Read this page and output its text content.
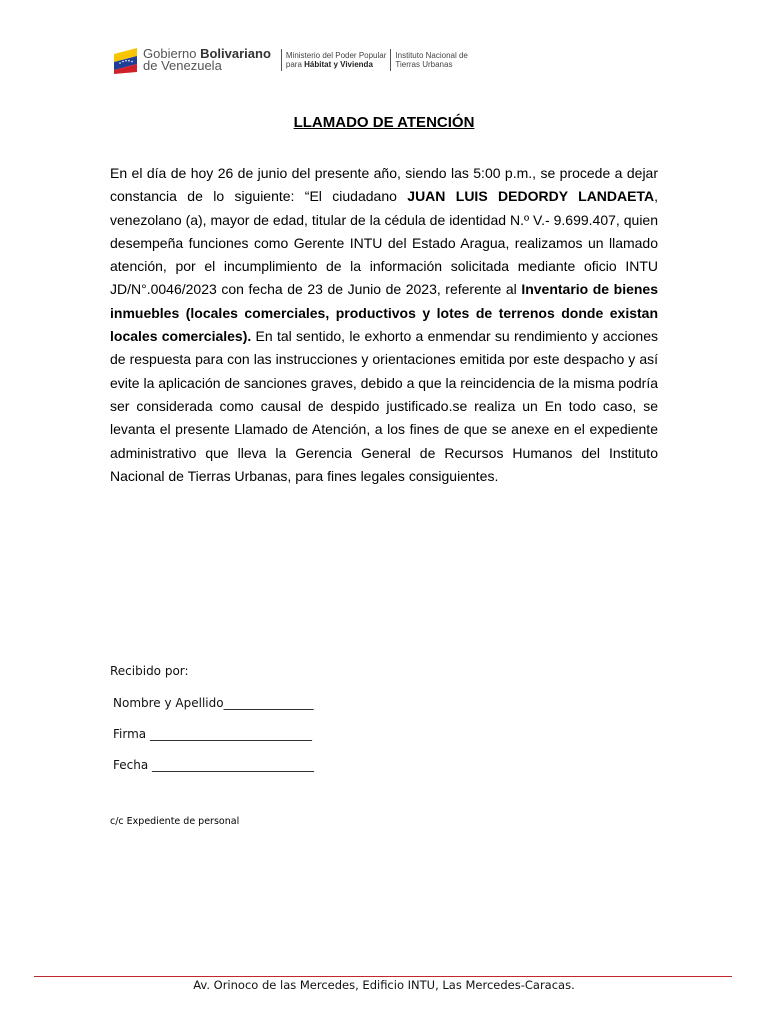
Gobierno Bolivariano
de Venezuela
Ministerio del Poder Popular
para Hábitat y Vivienda
Instituto Nacional de
Tierras Urbanas
LLAMADO DE ATENCIÓN
En el día de hoy 26 de junio del presente año, siendo las 5:00 p.m., se procede a dejar constancia de lo siguiente: “El ciudadano JUAN LUIS DEDORDY LANDAETA, venezolano (a), mayor de edad, titular de la cédula de identidad N.º V.- 9.699.407, quien desempeña funciones como Gerente INTU del Estado Aragua, realizamos un llamado atención, por el incumplimiento de la información solicitada mediante oficio INTU JD/N°.0046/2023 con fecha de 23 de Junio de 2023, referente al Inventario de bienes inmuebles (locales comerciales, productivos y lotes de terrenos donde existan locales comerciales). En tal sentido, le exhorto a enmendar su rendimiento y acciones de respuesta para con las instrucciones y orientaciones emitida por este despacho y así evite la aplicación de sanciones graves, debido a que la reincidencia de la misma podría ser considerada como causal de despido justificado.se realiza un En todo caso, se levanta el presente Llamado de Atención, a los fines de que se anexe en el expediente administrativo que lleva la Gerencia General de Recursos Humanos del Instituto Nacional de Tierras Urbanas, para fines legales consiguientes.
Recibido por:
Nombre y Apellido_______________
Firma ___________________________
Fecha ___________________________
c/c Expediente de personal
Av. Orinoco de las Mercedes, Edificio INTU, Las Mercedes-Caracas.
